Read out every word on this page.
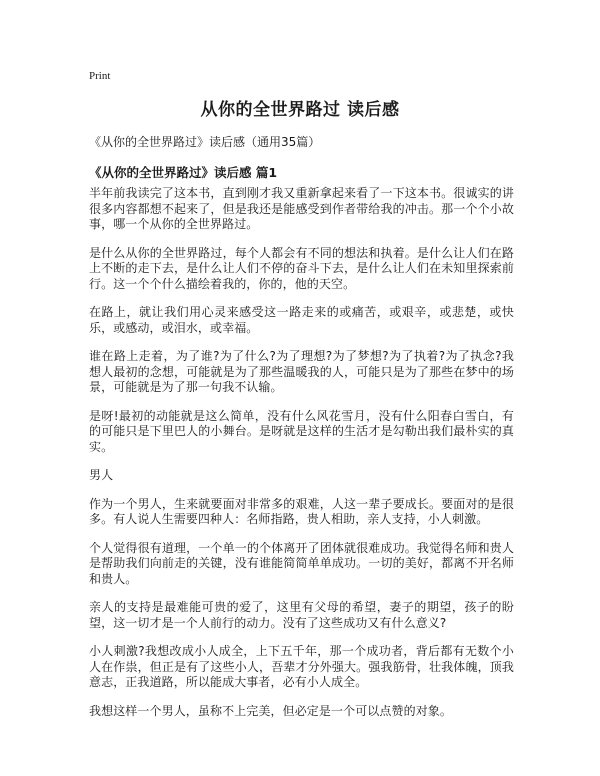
Print
从你的全世界路过 读后感
《从你的全世界路过》读后感（通用35篇）
《从你的全世界路过》读后感 篇1

半年前我读完了这本书，直到刚才我又重新拿起来看了一下这本书。很诚实的讲很多内容都想不起来了，但是我还是能感受到作者带给我的冲击。那一个个小故事，哪一个从你的全世界路过。

是什么从你的全世界路过，每个人都会有不同的想法和执着。是什么让人们在路上不断的走下去，是什么让人们不停的奋斗下去，是什么让人们在未知里探索前行。这一个个什么描绘着我的，你的，他的天空。

在路上，就让我们用心灵来感受这一路走来的或痛苦，或艰辛，或悲楚，或快乐，或感动，或泪水，或幸福。

谁在路上走着，为了谁?为了什么?为了理想?为了梦想?为了执着?为了执念?我想人最初的念想，可能就是为了那些温暖我的人，可能只是为了那些在梦中的场景，可能就是为了那一句我不认输。

是呀!最初的动能就是这么简单，没有什么风花雪月，没有什么阳春白雪白，有的可能只是下里巴人的小舞台。是呀就是这样的生活才是勾勒出我们最朴实的真实。

男人

作为一个男人，生来就要面对非常多的艰难，人这一辈子要成长。要面对的是很多。有人说人生需要四种人：名师指路，贵人相助，亲人支持，小人刺激。

个人觉得很有道理，一个单一的个体离开了团体就很难成功。我觉得名师和贵人是帮助我们向前走的关键，没有谁能简简单单成功。一切的美好，都离不开名师和贵人。

亲人的支持是最难能可贵的爱了，这里有父母的希望，妻子的期望，孩子的盼望，这一切才是一个人前行的动力。没有了这些成功又有什么意义?

小人刺激?我想改成小人成全，上下五千年，那一个成功者，背后都有无数个小人在作祟，但正是有了这些小人，吾辈才分外强大。强我筋骨，壮我体魄，顶我意志，正我道路，所以能成大事者，必有小人成全。

我想这样一个男人，虽称不上完美，但必定是一个可以点赞的对象。
